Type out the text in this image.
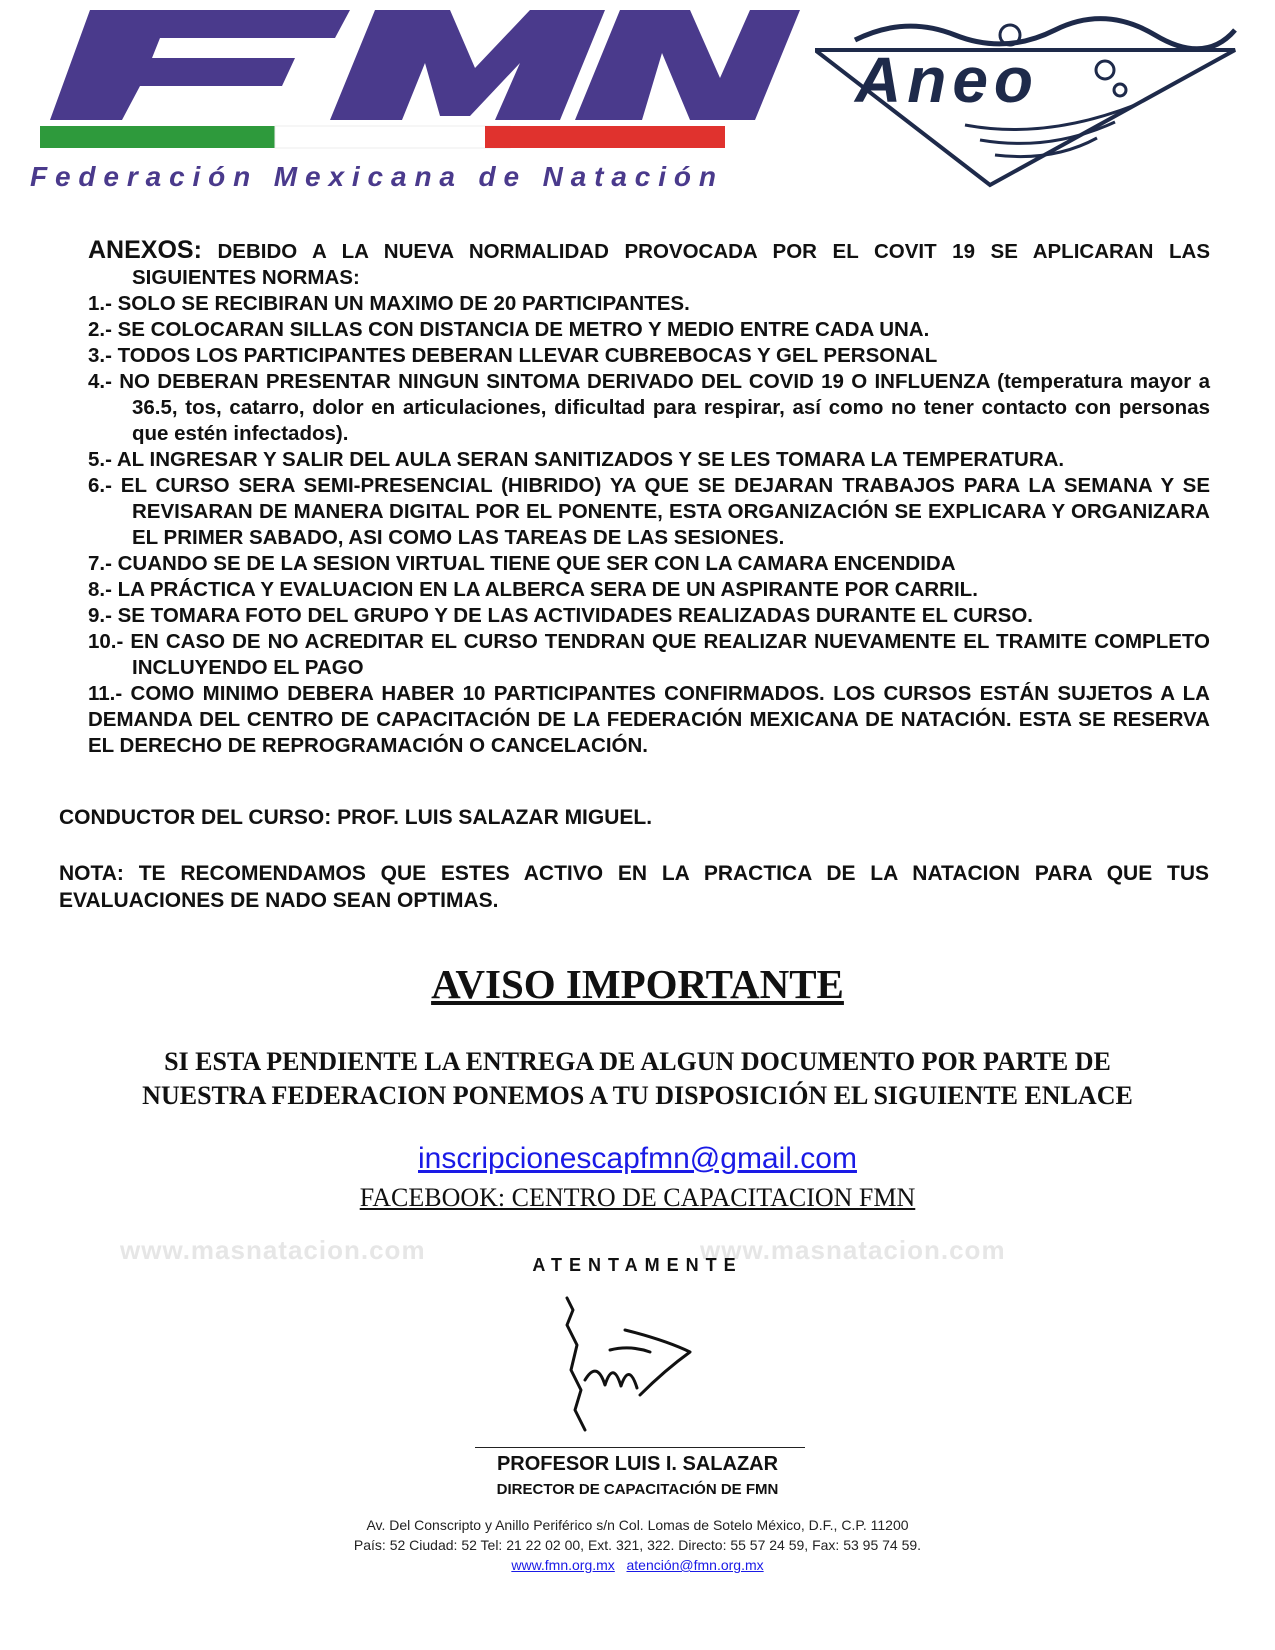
Federación Mexicana de Natación
Aneo

ANEXOS: DEBIDO A LA NUEVA NORMALIDAD PROVOCADA POR EL COVIT 19 SE APLICARAN LAS SIGUIENTES NORMAS:

1.- SOLO SE RECIBIRAN UN MAXIMO DE 20 PARTICIPANTES.

2.- SE COLOCARAN SILLAS CON DISTANCIA DE METRO Y MEDIO ENTRE CADA UNA.

3.- TODOS LOS PARTICIPANTES DEBERAN LLEVAR CUBREBOCAS Y GEL PERSONAL

4.- NO DEBERAN PRESENTAR NINGUN SINTOMA DERIVADO DEL COVID 19 O INFLUENZA (temperatura mayor a 36.5, tos, catarro, dolor en articulaciones, dificultad para respirar, así como no tener contacto con personas que estén infectados).

5.- AL INGRESAR Y SALIR DEL AULA SERAN SANITIZADOS Y SE LES TOMARA LA TEMPERATURA.

6.- EL CURSO SERA SEMI-PRESENCIAL (HIBRIDO) YA QUE SE DEJARAN TRABAJOS PARA LA SEMANA Y SE REVISARAN DE MANERA DIGITAL POR EL PONENTE, ESTA ORGANIZACIÓN SE EXPLICARA Y ORGANIZARA EL PRIMER SABADO, ASI COMO LAS TAREAS DE LAS SESIONES.

7.- CUANDO SE DE LA SESION VIRTUAL TIENE QUE SER CON LA CAMARA ENCENDIDA

8.- LA PRÁCTICA Y EVALUACION EN LA ALBERCA SERA DE UN ASPIRANTE POR CARRIL.

9.- SE TOMARA FOTO DEL GRUPO Y DE LAS ACTIVIDADES REALIZADAS DURANTE EL CURSO.

10.- EN CASO DE NO ACREDITAR EL CURSO TENDRAN QUE REALIZAR NUEVAMENTE EL TRAMITE COMPLETO INCLUYENDO EL PAGO

11.- COMO MINIMO DEBERA HABER 10 PARTICIPANTES CONFIRMADOS. LOS CURSOS ESTÁN SUJETOS A LA DEMANDA DEL CENTRO DE CAPACITACIÓN DE LA FEDERACIÓN MEXICANA DE NATACIÓN. ESTA SE RESERVA EL DERECHO DE REPROGRAMACIÓN O CANCELACIÓN.

CONDUCTOR DEL CURSO: PROF. LUIS SALAZAR MIGUEL.
NOTA: TE RECOMENDAMOS QUE ESTES ACTIVO EN LA PRACTICA DE LA NATACION PARA QUE TUS EVALUACIONES DE NADO SEAN OPTIMAS.
AVISO IMPORTANTE
SI ESTA PENDIENTE LA ENTREGA DE ALGUN DOCUMENTO POR PARTE DE
NUESTRA FEDERACION PONEMOS A TU DISPOSICIÓN EL SIGUIENTE ENLACE
inscripcionescapfmn@gmail.com
FACEBOOK: CENTRO DE CAPACITACION FMN
www.masnatacion.com	www.masnatacion.com
ATENTAMENTE
PROFESOR LUIS I. SALAZAR
DIRECTOR DE CAPACITACIÓN DE FMN
Av. Del Conscripto y Anillo Periférico s/n Col. Lomas de Sotelo México, D.F., C.P. 11200
País: 52 Ciudad: 52 Tel: 21 22 02 00, Ext. 321, 322. Directo: 55 57 24 59, Fax: 53 95 74 59.
www.fmn.org.mx atención@fmn.org.mx
